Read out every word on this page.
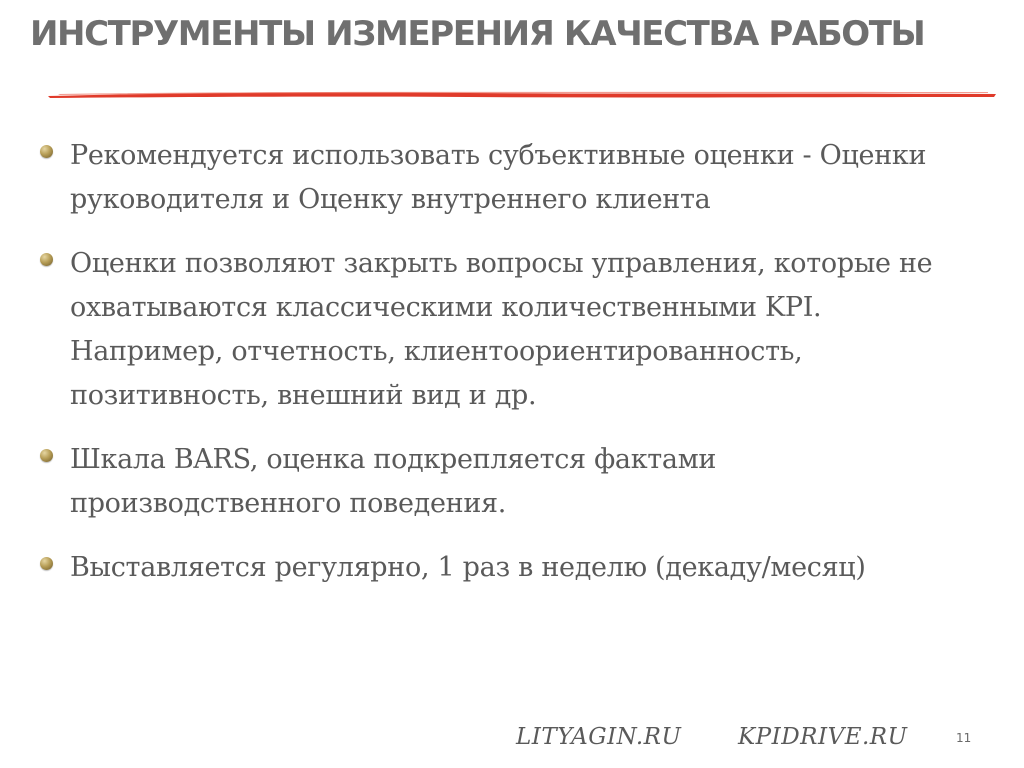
ИНСТРУМЕНТЫ ИЗМЕРЕНИЯ КАЧЕСТВА РАБОТЫ
Рекомендуется использовать субъективные оценки - Оценки руководителя и Оценку внутреннего клиента
Оценки позволяют закрыть вопросы управления, которые не охватываются классическими количественными KPI. Например, отчетность, клиентоориентированность, позитивность, внешний вид и др.
Шкала BARS, оценка подкрепляется фактами производственного поведения.
Выставляется регулярно, 1 раз в неделю (декаду/месяц)
LITYAGIN.RU KPIDRIVE.RU	11
